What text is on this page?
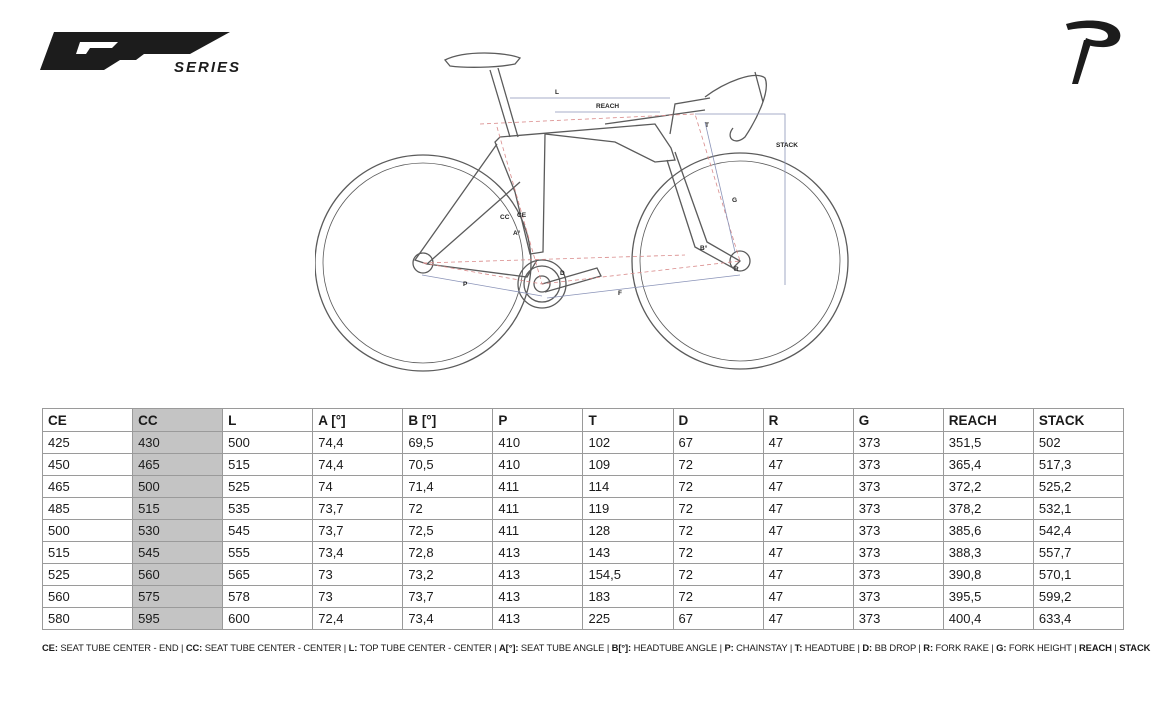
SERIES
L
REACH
STACK
T
G
CC CE
A°
B°
D
R
P
F
CE	CC	L	A [°]	B [°]	P	T	D	R	G	REACH	STACK
425	430	500	74,4	69,5	410	102	67	47	373	351,5	502
450	465	515	74,4	70,5	410	109	72	47	373	365,4	517,3
465	500	525	74	71,4	411	114	72	47	373	372,2	525,2
485	515	535	73,7	72	411	119	72	47	373	378,2	532,1
500	530	545	73,7	72,5	411	128	72	47	373	385,6	542,4
515	545	555	73,4	72,8	413	143	72	47	373	388,3	557,7
525	560	565	73	73,2	413	154,5	72	47	373	390,8	570,1
560	575	578	73	73,7	413	183	72	47	373	395,5	599,2
580	595	600	72,4	73,4	413	225	67	47	373	400,4	633,4
CE: SEAT TUBE CENTER - END | CC: SEAT TUBE CENTER - CENTER | L: TOP TUBE CENTER - CENTER | A[°]: SEAT TUBE ANGLE | B[°]: HEADTUBE ANGLE | P: CHAINSTAY | T: HEADTUBE | D: BB DROP | R: FORK RAKE | G: FORK HEIGHT | REACH | STACK
